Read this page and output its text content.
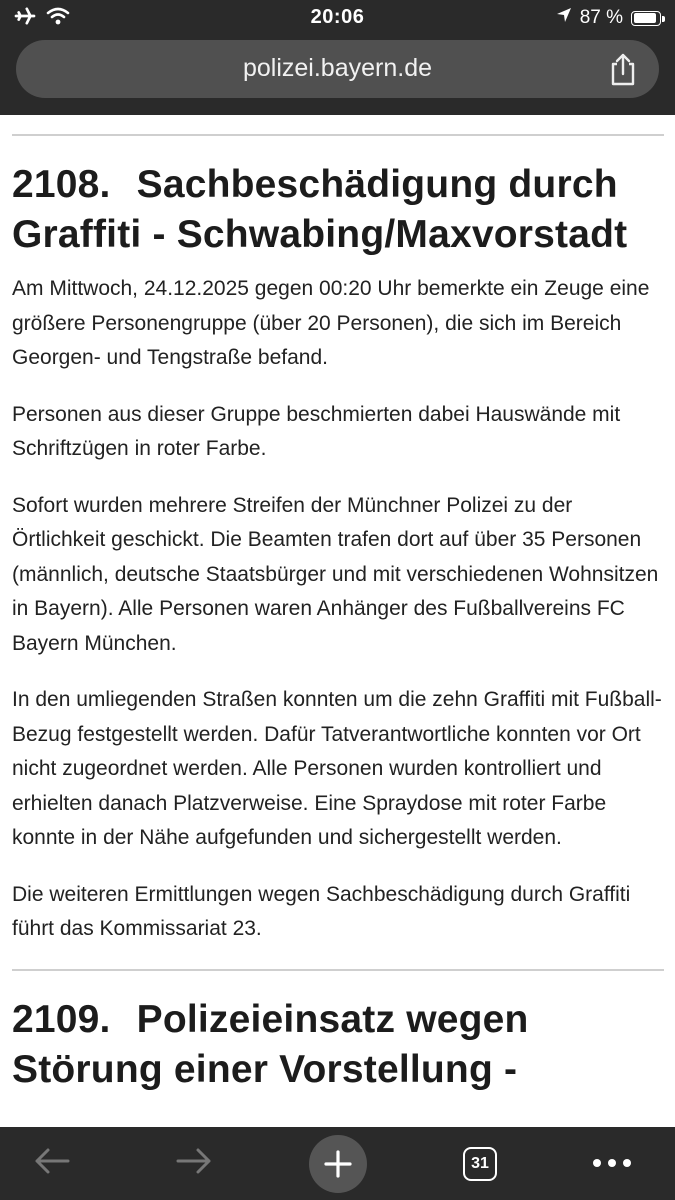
20:06	87 %
polizei.bayern.de
2108. Sachbeschädigung durch Graffiti - Schwabing/Maxvorstadt

Am Mittwoch, 24.12.2025 gegen 00:20 Uhr bemerkte ein Zeuge eine größere Personengruppe (über 20 Personen), die sich im Bereich Georgen- und Tengstraße befand.

Personen aus dieser Gruppe beschmierten dabei Hauswände mit Schriftzügen in roter Farbe.

Sofort wurden mehrere Streifen der Münchner Polizei zu der Örtlichkeit geschickt. Die Beamten trafen dort auf über 35 Personen (männlich, deutsche Staatsbürger und mit verschiedenen Wohnsitzen in Bayern). Alle Personen waren Anhänger des Fußballvereins FC Bayern München.

In den umliegenden Straßen konnten um die zehn Graffiti mit Fußball-Bezug festgestellt werden. Dafür Tatverantwortliche konnten vor Ort nicht zugeordnet werden. Alle Personen wurden kontrolliert und erhielten danach Platzverweise. Eine Spraydose mit roter Farbe konnte in der Nähe aufgefunden und sichergestellt werden.

Die weiteren Ermittlungen wegen Sachbeschädigung durch Graffiti führt das Kommissariat 23.

2109. Polizeieinsatz wegen Störung einer Vorstellung -
31
